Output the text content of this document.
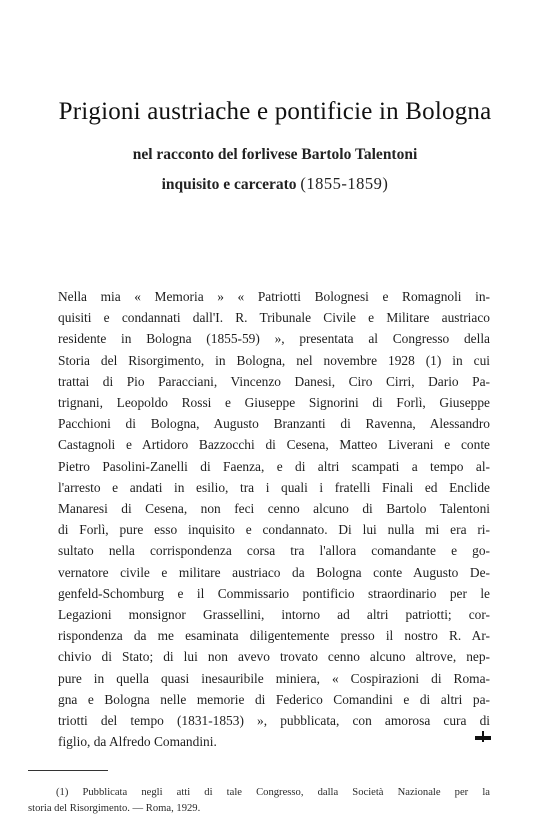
Prigioni austriache e pontificie in Bologna
nel racconto del forlivese Bartolo Talentoni
inquisito e carcerato (1855-1859)
Nella mia « Memoria » « Patriotti Bolognesi e Romagnoli in-
quisiti e condannati dall'I. R. Tribunale Civile e Militare austriaco
residente in Bologna (1855-59) », presentata al Congresso della
Storia del Risorgimento, in Bologna, nel novembre 1928 (1) in cui
trattai di Pio Paracciani, Vincenzo Danesi, Ciro Cirri, Dario Pa-
trignani, Leopoldo Rossi e Giuseppe Signorini di Forlì, Giuseppe
Pacchioni di Bologna, Augusto Branzanti di Ravenna, Alessandro
Castagnoli e Artidoro Bazzocchi di Cesena, Matteo Liverani e conte
Pietro Pasolini-Zanelli di Faenza, e di altri scampati a tempo al-
l'arresto e andati in esilio, tra i quali i fratelli Finali ed Enclide
Manaresi di Cesena, non feci cenno alcuno di Bartolo Talentoni
di Forlì, pure esso inquisito e condannato. Di lui nulla mi era ri-
sultato nella corrispondenza corsa tra l'allora comandante e go-
vernatore civile e militare austriaco da Bologna conte Augusto De-
genfeld-Schomburg e il Commissario pontificio straordinario per le
Legazioni monsignor Grassellini, intorno ad altri patriotti; cor-
rispondenza da me esaminata diligentemente presso il nostro R. Ar-
chivio di Stato; di lui non avevo trovato cenno alcuno altrove, nep-
pure in quella quasi inesauribile miniera, « Cospirazioni di Roma-
gna e Bologna nelle memorie di Federico Comandini e di altri pa-
triotti del tempo (1831-1853) », pubblicata, con amorosa cura di
figlio, da Alfredo Comandini.
(1) Pubblicata negli atti di tale Congresso, dalla Società Nazionale per la
storia del Risorgimento. — Roma, 1929.
